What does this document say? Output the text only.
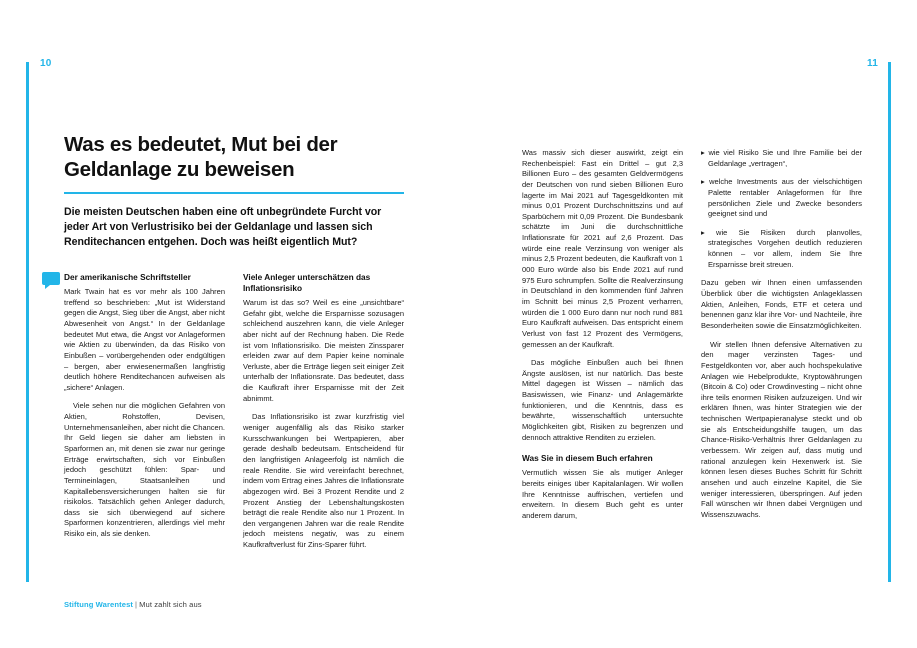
10	11
Was es bedeutet, Mut bei der Geldanlage zu beweisen

Die meisten Deutschen haben eine oft unbegründete Furcht vor jeder Art von Verlustrisiko bei der Geldanlage und lassen sich Renditechancen entgehen. Doch was heißt eigentlich Mut?

Der amerikanische Schriftsteller

Mark Twain hat es vor mehr als 100 Jahren treffend so beschrieben: „Mut ist Widerstand gegen die Angst, Sieg über die Angst, aber nicht Abwesenheit von Angst.“ In der Geldanlage bedeutet Mut etwa, die Angst vor Anlageformen wie Aktien zu überwinden, da das Risiko von Einbußen – vorübergehenden oder endgültigen – bergen, aber erwiesenermaßen langfristig deutlich höhere Renditechancen aufweisen als „sichere“ Anlagen.

Viele sehen nur die möglichen Gefahren von Aktien, Rohstoffen, Devisen, Unternehmensanleihen, aber nicht die Chancen. Ihr Geld liegen sie daher am liebsten in Sparformen an, mit denen sie zwar nur geringe Erträge erwirtschaften, sich vor Einbußen jedoch geschützt fühlen: Spar- und Termineinlagen, Staatsanleihen und Kapitallebensversicherungen halten sie für risikolos. Tatsächlich gehen Anleger dadurch, dass sie sich überwiegend auf sichere Sparformen konzentrieren, allerdings viel mehr Risiko ein, als sie denken.

Viele Anleger unterschätzen das Inflationsrisiko

Warum ist das so? Weil es eine „unsichtbare“ Gefahr gibt, welche die Ersparnisse sozusagen schleichend auszehren kann, die viele Anleger aber nicht auf der Rechnung haben. Die Rede ist vom Inflationsrisiko. Die meisten Zinssparer erleiden zwar auf dem Papier keine nominale Verluste, aber die Erträge liegen seit einiger Zeit unterhalb der Inflationsrate. Das bedeutet, dass die Kaufkraft ihrer Ersparnisse mit der Zeit abnimmt.

Das Inflationsrisiko ist zwar kurzfristig viel weniger augenfällig als das Risiko starker Kursschwankungen bei Wertpapieren, aber gerade deshalb bedeutsam. Entscheidend für den langfristigen Anlageerfolg ist nämlich die reale Rendite. Sie wird vereinfacht berechnet, indem vom Ertrag eines Jahres die Inflationsrate abgezogen wird. Bei 3 Prozent Rendite und 2 Prozent Anstieg der Lebenshaltungskosten beträgt die reale Rendite also nur 1 Prozent. In den vergangenen Jahren war die reale Rendite jedoch meistens negativ, was zu einem Kaufkraftverlust für Zins-Sparer führt.

Was massiv sich dieser auswirkt, zeigt ein Rechenbeispiel: Fast ein Drittel – gut 2,3 Billionen Euro – des gesamten Geldvermögens der Deutschen von rund sieben Billionen Euro lagerte im Mai 2021 auf Tagesgeldkonten mit minus 0,01 Prozent Durchschnittszins und auf Sparbüchern mit 0,09 Prozent. Die Bundesbank schätzte im Juni die durchschnittliche Inflationsrate für 2021 auf 2,6 Prozent. Das würde eine reale Verzinsung von weniger als minus 2,5 Prozent bedeuten, die Kaufkraft von 1 000 Euro würde also bis Ende 2021 auf rund 975 Euro schrumpfen. Sollte die Realverzinsung in Deutschland in den kommenden fünf Jahren im Schnitt bei minus 2,5 Prozent verharren, würden die 1 000 Euro dann nur noch rund 881 Euro Kaufkraft aufweisen. Das entspricht einem Verlust von fast 12 Prozent des Vermögens, gemessen an der Kaufkraft.

Das mögliche Einbußen auch bei Ihnen Ängste auslösen, ist nur natürlich. Das beste Mittel dagegen ist Wissen – nämlich das Basiswissen, wie Finanz- und Anlagemärkte funktionieren, und die Kenntnis, dass es bewährte, wissenschaftlich untersuchte Möglichkeiten gibt, Risiken zu begrenzen und dennoch attraktive Renditen zu erzielen.

Was Sie in diesem Buch erfahren

Vermutlich wissen Sie als mutiger Anleger bereits einiges über Kapitalanlagen. Wir wollen Ihre Kenntnisse auffrischen, vertiefen und erweitern. In diesem Buch geht es unter anderem darum,

▸ wie viel Risiko Sie und Ihre Familie bei der Geldanlage „vertragen“,

▸ welche Investments aus der vielschichtigen Palette rentabler Anlageformen für Ihre persönlichen Ziele und Zwecke besonders geeignet sind und

▸ wie Sie Risiken durch planvolles, strategisches Vorgehen deutlich reduzieren können – vor allem, indem Sie Ihre Ersparnisse breit streuen.

Dazu geben wir Ihnen einen umfassenden Überblick über die wichtigsten Anlageklassen Aktien, Anleihen, Fonds, ETF et cetera und benennen ganz klar ihre Vor- und Nachteile, ihre Besonderheiten sowie die Einsatzmöglichkeiten.

Wir stellen Ihnen defensive Alternativen zu den mager verzinsten Tages- und Festgeldkonten vor, aber auch hochspekulative Anlagen wie Hebelprodukte, Kryptowährungen (Bitcoin & Co) oder Crowdinvesting – nicht ohne ihre teils enormen Risiken aufzuzeigen. Und wir erklären Ihnen, was hinter Strategien wie der technischen Wertpapieranalyse steckt und ob sie als Entscheidungshilfe taugen, um das Chance-Risiko-Verhältnis Ihrer Geldanlagen zu verbessern. Wir zeigen auf, dass mutig und rational anzulegen kein Hexenwerk ist. Sie können lesen dieses Buches Schritt für Schritt ansehen und auch einzelne Kapitel, die Sie weniger interessieren, überspringen. Auf jeden Fall wünschen wir Ihnen dabei Vergnügen und Wissenszuwachs.

Stiftung Warentest | Mut zahlt sich aus
